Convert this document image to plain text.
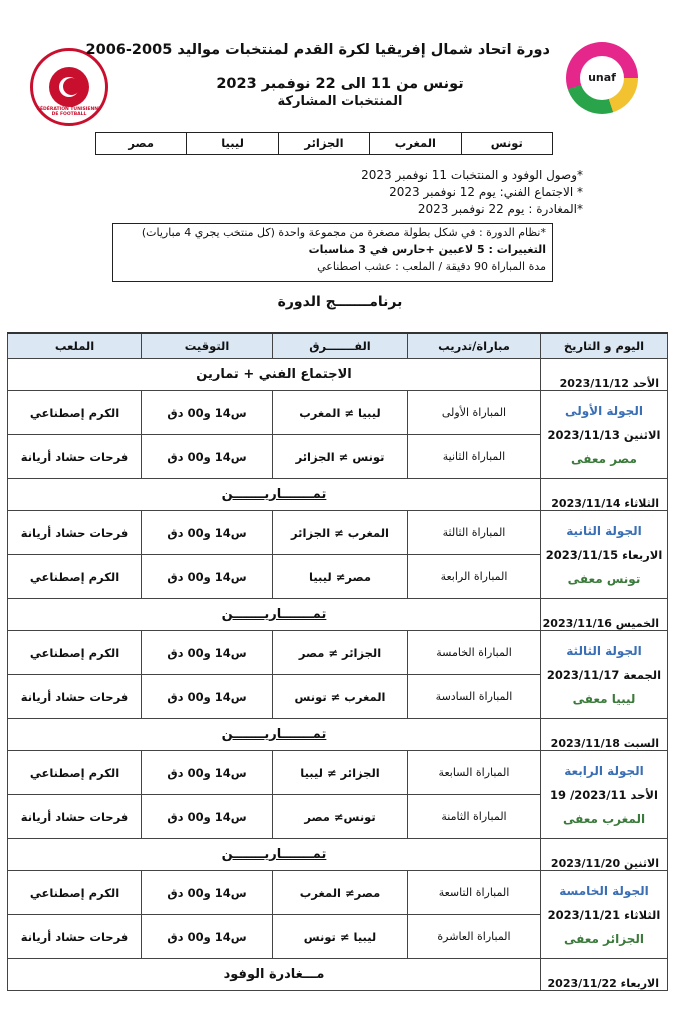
FÉDÉRATION TUNISIENNE DE FOOTBALL
unaf
دورة اتحاد شمال إفريقيا لكرة القدم لمنتخبات مواليد 2005-2006
تونس من 11 الى 22 نوفمبر 2023
المنتخبات المشاركة
تونس
المغرب
الجزائر
ليبيا
مصر
*وصول الوفود و المنتخبات 11 نوفمبر 2023
* الاجتماع الفني: يوم 12 نوفمبر 2023
*المغادرة : يوم 22 نوفمبر 2023
*نظام الدورة : في شكل بطولة مصغرة من مجموعة واحدة (كل منتخب يجري 4 مباريات)
التغييرات : 5 لاعبين +حارس في 3 مناسبات
مدة المباراة 90 دقيقة / الملعب : عشب اصطناعي
برنامـــــــج الدورة
اليوم و التاريخ	مباراة/تدريب	الفـــــــرق	التوقيت	الملعب
الأحد 2023/11/12	الاجتماع الفني + تمارين			

الجولة الأولى
الاثنين 2023/11/13
مصر معفى	المباراة الأولى	ليبيا ≠ المغرب	س14 و00 دق	الكرم إصطناعي
	المباراة الثانية	تونس ≠ الجزائر	س14 و00 دق	فرحات حشاد أريانة
الثلاثاء 2023/11/14	تمـــــــاريـــــــن			

الجولة الثانية
الاربعاء 2023/11/15
تونس معفى	المباراة الثالثة	المغرب ≠ الجزائر	س14 و00 دق	فرحات حشاد أريانة
	المباراة الرابعة	مصر≠ ليبيا	س14 و00 دق	الكرم إصطناعي
الخميس 2023/11/16	تمـــــــاريـــــــن			

الجولة الثالثة
الجمعة 2023/11/17
ليبيا معفى	المباراة الخامسة	الجزائر ≠ مصر	س14 و00 دق	الكرم إصطناعي
	المباراة السادسة	المغرب ≠ تونس	س14 و00 دق	فرحات حشاد أريانة
السبت 2023/11/18	تمـــــــاريـــــــن			

الجولة الرابعة
الأحد 2023/11/ 19
المغرب معفى	المباراة السابعة	الجزائر ≠ ليبيا	س14 و00 دق	الكرم إصطناعي
	المباراة الثامنة	تونس≠ مصر	س14 و00 دق	فرحات حشاد أريانة
الاثنين 2023/11/20	تمـــــــاريـــــــن			

الجولة الخامسة
الثلاثاء 2023/11/21
الجزائر معفى	المباراة التاسعة	مصر≠ المغرب	س14 و00 دق	الكرم إصطناعي
	المباراة العاشرة	ليبيا ≠ تونس	س14 و00 دق	فرحات حشاد أريانة
الاربعاء 2023/11/22	مـــغادرة الوفود			
